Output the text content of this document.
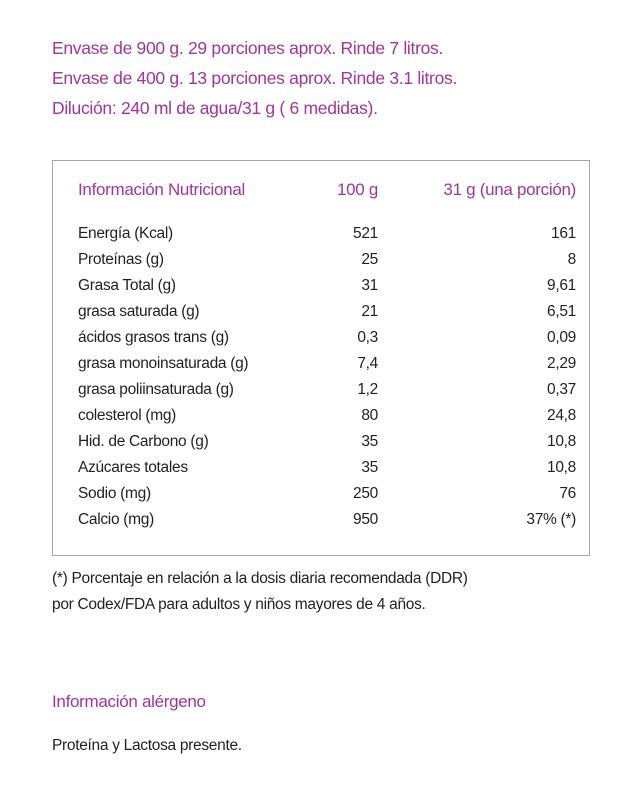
Envase de 900 g. 29 porciones aprox. Rinde 7 litros.
Envase de 400 g. 13 porciones aprox. Rinde 3.1 litros.
Dilución: 240 ml de agua/31 g ( 6 medidas).
Información Nutricional	100 g	31 g (una porción)
Energía (Kcal)	521	161
Proteínas (g)	25	8
Grasa Total (g)	31	9,61
grasa saturada (g)	21	6,51
ácidos grasos trans (g)	0,3	0,09
grasa monoinsaturada (g)	7,4	2,29
grasa poliinsaturada (g)	1,2	0,37
colesterol (mg)	80	24,8
Hid. de Carbono (g)	35	10,8
Azúcares totales	35	10,8
Sodio (mg)	250	76
Calcio (mg)	950	37% (*)
(*) Porcentaje en relación a la dosis diaria recomendada (DDR)
por Codex/FDA para adultos y niños mayores de 4 años.
Información alérgeno
Proteína y Lactosa presente.
